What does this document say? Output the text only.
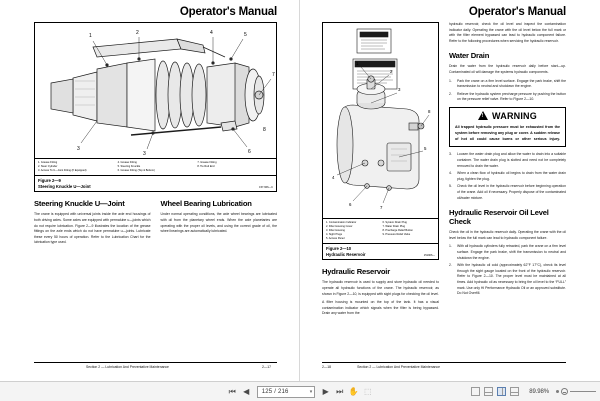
Operator's Manual
1	2	4	5
6
3
3
7
8
1. Grease Fitting
2. Steer Cylinder
3. Access To U—Joint Fitting (If Equipped)
4. Grease Fitting
5. Steering Knuckle
6. Grease Fitting (Top & Bottom)
7. Grease Fitting
8. Tie Rod End
Figure 2—9
Steering Knuckle U—Joint	157.666—C
Steering Knuckle U—Joint

The crane is equipped with universal joints inside the axle end housings of both driving axles. Some axles are equipped with permalube u—joints which do not require lubrication. Figure 2—9 illustrates the location of the grease fittings on the axle ends which do not have permalube u—joints. Lubricate these every 50 hours of operation. Refer to the Lubrication Chart for the lubrication type used.

Wheel Bearing Lubrication

Under normal operating conditions, the axle wheel bearings are lubricated with oil from the planetary wheel ends. When the axle planetaries are operating with the proper oil levels, and using the correct grade of oil, the wheel bearings are automatically lubricated.

Section 2 — Lubrication And Preventative Maintenance	2—17
Operator's Manual
1
2
3
4
5
6
7
8
1. Contamination Indicator
2. Filter Housing Cover
3. Filter Housing
4. Sight Plugs
5. Access Panel
6. System Drain Plug
7. Water Drain Plug
8. Precharge Relief Button
9. Pressure Relief Valve
Figure 2—10
Hydraulic Reservoir	151906—
Hydraulic Reservoir

The hydraulic reservoir is used to supply and store hydraulic oil needed to operate all hydraulic functions of the crane. The hydraulic reservoir, as shown in Figure 2—10, is equipped with sight plugs for checking the oil level.

A filter housing is mounted on the top of the tank. It has a visual contamination indicator which signals when the filter is being bypassed. Drain any water from the

hydraulic reservoir, check the oil level and inspect the contamination indicator daily. Operating the crane with the oil level below the full mark or with the filter element bypassed can lead to hydraulic component failure. Refer to the following procedures when servicing the hydraulic reservoir.

Water Drain

Drain the water from the hydraulic reservoir daily before start—up. Contaminated oil will damage the systems hydraulic components.

Park the crane on a firm level surface. Engage the park brake, shift the transmission to neutral and shutdown the engine.
Relieve the hydraulic system precharge pressure by pushing the button on the pressure relief valve. Refer to Figure 2—10.
!
WARNING
All trapped hydraulic pressure must be exhausted from the system before removing any plug or cover. A sudden release of hot oil could cause burns or other serious injury.
Loosen the water drain plug and allow the water to drain into a suitable container. The water drain plug is slotted and need not be completely removed to drain the water.
When a clean flow of hydraulic oil begins to drain from the water drain plug, tighten the plug.
Check the oil level in the hydraulic reservoir before beginning operation of the crane. Add oil if necessary. Properly dispose of the contaminated oil/water mixture.
Hydraulic Reservoir Oil Level Check

Check the oil in the hydraulic reservoir daily. Operating the crane with the oil level below the full mark can lead to hydraulic component failure.

With all hydraulic cylinders fully retracted, park the crane on a firm level surface. Engage the park brake, shift the transmission to neutral and shutdown the engine.
With the hydraulic oil cold (approximately 62°F 17°C), check its level through the sight gauge located on the front of the hydraulic reservoir. Refer to Figure 2—10. The proper level must be maintained at all times. Add hydraulic oil as necessary to bring the oil level to the “FULL” mark. Use only Hi Performance Hydraulic Oil or an approved substitute. Do Not Overfill.
2—18	Section 2 — Lubrication And Preventative Maintenance
⏮ ◀	125 / 216	▾	▶ ⏭ ✋ ⬚	89.98%
